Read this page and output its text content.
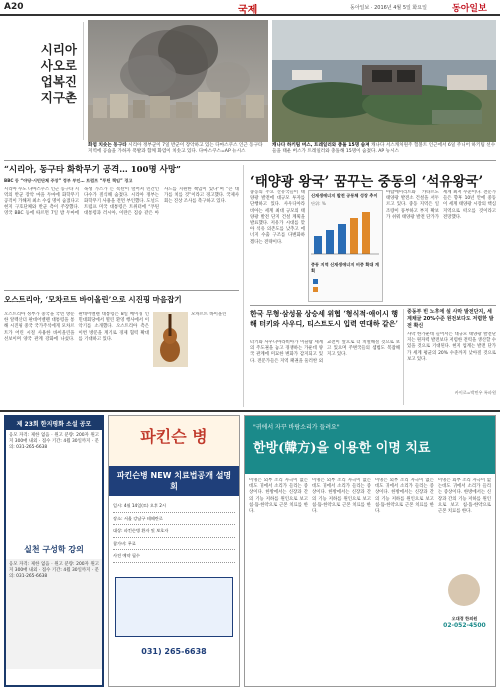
A20	국제	동아일보 · 2016년 4월 5일 화요일	동아일보
시리아
사오로
업복진
지구촌
화염 치솟는 동구타 시리아 정부군이 7일 반군이 장악하고 있는 다마스쿠스 인근 동구타 지역에 공습을 가하자 폭발과 함께 화염이 치솟고 있다. 다마스쿠스=AP 뉴시스
캐나다 하키팀 버스, 트레일러와 충돌 15명 숨져 캐나다 서스캐처원주 험볼트 인근에서 6일 주니어 하키팀 선수들을 태운 버스가 트레일러와 충돌해 15명이 숨졌다. AP 뉴시스
“시리아, 동구타 화학무기 공격… 100명 사망”
BBC 등 “야당·시민단체 주장” 정부 부인… 트럼프 “푸틴 책임” 경고
시리아 수도 다마스쿠스 인근 동구타 지역의 반군 장악 마을 두마에 화학무기 공격이 가해져 최소 수십 명이 숨졌다고 현지 구호단체와 반군 측이 주장했다. 영국 BBC 등에 따르면 7일 밤 두마에 독성 가스가 든 폭탄이 떨어져 민간인 다수가 질식해 숨졌다. 시리아 정부는 화학무기 사용을 전면 부인했다. 도널드 트럼프 미국 대통령은 트위터에 “푸틴 대통령과 러시아, 이란은 짐승 같은 아사드를 지원한 책임이 있다”며 “큰 대가를 치를 것”이라고 경고했다. 국제사회는 진상 조사를 촉구하고 있다.
오스트리아, ‘모차르트 바이올린’으로 시진핑 마음잡기
오스트리아 정부가 중국을 국빈 방문한 알렉산더 판데어벨렌 대통령을 통해 시진핑 중국 국가주석에게 모차르트가 어린 시절 사용한 바이올린을 선보이며 양국 관계 강화에 나섰다. 판데어벨렌 대통령은 8일 베이징 인민대회당에서 열린 환영 행사에서 이 악기를 소개했다. 오스트리아 측은 이번 방문을 계기로 경제 협력 확대를 기대하고 있다.
모차르트 바이올린
‘태양광 왕국’ 꿈꾸는 중동의 ‘석유왕국’
중동의 주요 산유국들이 태양광 발전에 대규모 투자를 단행하고 있다. 사우디아라비아는 세계 최대 규모의 태양광 발전 단지 건설 계획을 발표했다. 저유가 시대를 맞아 석유 의존도를 낮추고 에너지 수출 구조를 다변화하겠다는 전략이다.
신재생에너지 발전 공동체 성장 추이
단위: %
중동 지역 신재생에너지 비중 확대 계획
아랍에미리트와 카타르도 태양광 발전소 건설을 서두르고 있다. 중동 지역은 일조량이 풍부하고 부지 확보가 쉬워 태양광 발전 단가가 세계 최저 수준이다. 전문가들은 향후 10년 안에 중동이 세계 태양광 시장의 핵심 지역으로 떠오를 것이라고 전망했다.
한국 무형·삼성물 상승세 위협 ‘형식적·애이시 행해 터키와 사우디, 티스트도시 입력 연대하 같은’
터키와 사우디아라비아가 이슬람 세계의 주도권을 놓고 경쟁하는 가운데 양국 관계에 미묘한 변화가 감지되고 있다. 전문가들은 지역 패권을 둘러싼 외교전이 앞으로 더 치열해질 것으로 보고 있으며 주변국들의 셈법도 복잡해지고 있다.
중동부 빈 노후에 설 사막 발전단지, 세계채굴 20%수준 원전보다도 저렴한 발전 확신
사막 한가운데 들어서는 대규모 태양광 발전단지는 원자력 발전보다 저렴한 전력을 생산할 수 있을 것으로 기대된다. 현지 업계는 발전 단가가 세계 평균의 20% 수준까지 낮아질 것으로 보고 있다.
카이로=박민우 특파원
제 23회 한지평화 소설 공모
응모 자격: 제한 없음 · 원고 분량: 200자 원고지 300매 내외 · 접수 기간: 4월 30일까지 · 문의: 031-265-6638
실천 구성학 강의
응모 자격: 제한 없음 · 원고 분량: 200자 원고지 300매 내외 · 접수 기간: 4월 30일까지 · 문의: 031-265-6638
파킨슨 병
파킨슨병 NEW 치료법공개 설명회
일시: 4월 14일(토) 오후 2시
장소: 서울 강남구 테헤란로
대상: 파킨슨병 환자 및 보호자
참가비: 무료
사전 예약 필수
031) 265-6638
"귀에서 자꾸 바람소리가 들려요"
한방(韓方)을 이용한 이명 치료
이명은 외부 소리 자극이 없는데도 귀에서 소리가 들리는 증상이다. 한방에서는 신장과 간의 기능 저하를 원인으로 보고 침·뜸·한약으로 근본 치료를 한다.
이명은 외부 소리 자극이 없는데도 귀에서 소리가 들리는 증상이다. 한방에서는 신장과 간의 기능 저하를 원인으로 보고 침·뜸·한약으로 근본 치료를 한다.
이명은 외부 소리 자극이 없는데도 귀에서 소리가 들리는 증상이다. 한방에서는 신장과 간의 기능 저하를 원인으로 보고 침·뜸·한약으로 근본 치료를 한다.
이명은 외부 소리 자극이 없는데도 귀에서 소리가 들리는 증상이다. 한방에서는 신장과 간의 기능 저하를 원인으로 보고 침·뜸·한약으로 근본 치료를 한다.
오대경 한의원
02-052-4500
